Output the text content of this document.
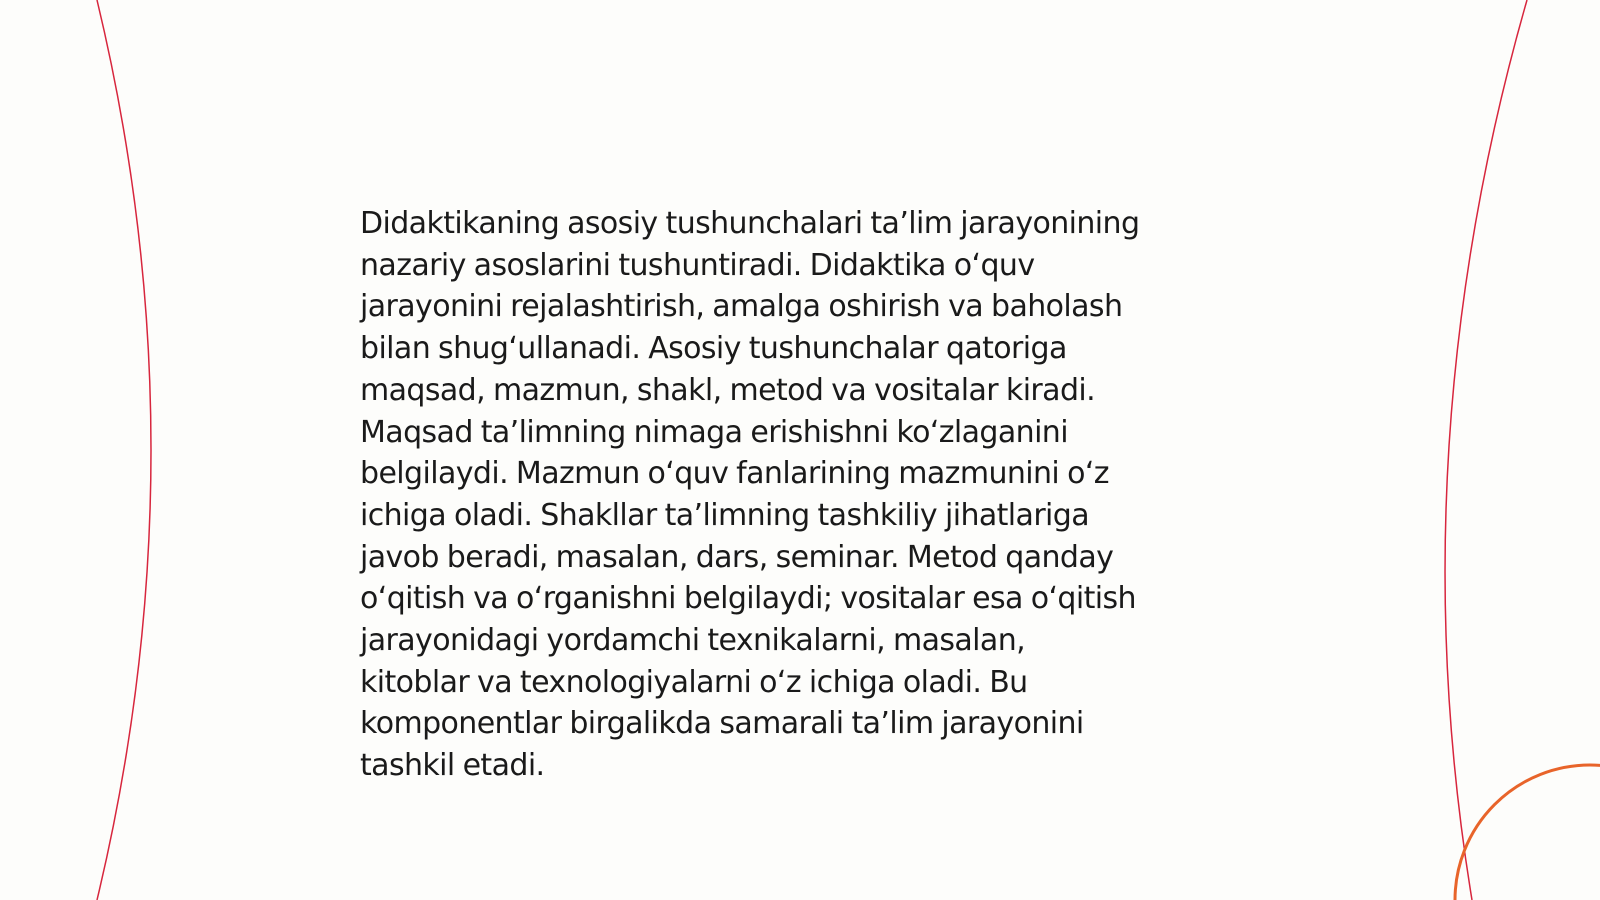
Didaktikaning asosiy tushunchalari ta’lim jarayonining
nazariy asoslarini tushuntiradi. Didaktika o‘quv
jarayonini rejalashtirish, amalga oshirish va baholash
bilan shug‘ullanadi. Asosiy tushunchalar qatoriga
maqsad, mazmun, shakl, metod va vositalar kiradi.
Maqsad ta’limning nimaga erishishni ko‘zlaganini
belgilaydi. Mazmun o‘quv fanlarining mazmunini o‘z
ichiga oladi. Shakllar ta’limning tashkiliy jihatlariga
javob beradi, masalan, dars, seminar. Metod qanday
o‘qitish va o‘rganishni belgilaydi; vositalar esa o‘qitish
jarayonidagi yordamchi texnikalarni, masalan,
kitoblar va texnologiyalarni o‘z ichiga oladi. Bu
komponentlar birgalikda samarali ta’lim jarayonini
tashkil etadi.
